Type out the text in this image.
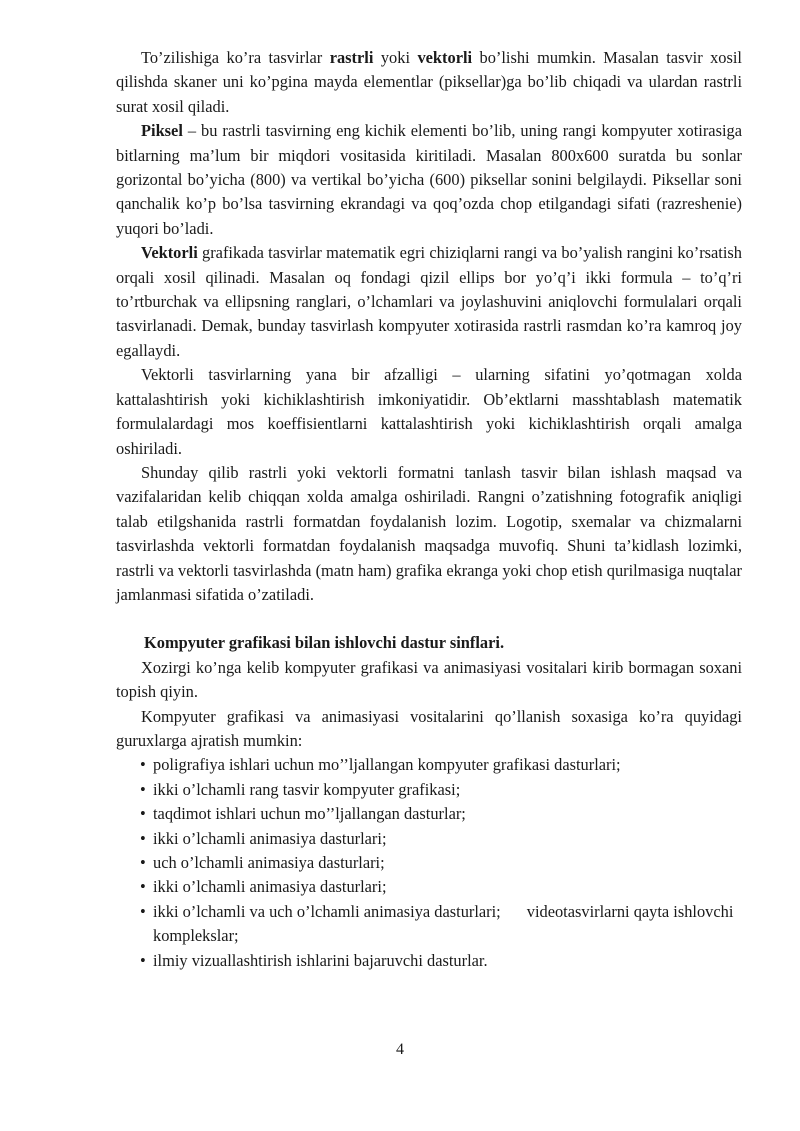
To’zilishiga ko’ra tasvirlar rastrli yoki vektorli bo’lishi mumkin. Masalan tasvir xosil qilishda skaner uni ko’pgina mayda elementlar (piksellar)ga bo’lib chiqadi va ulardan rastrli surat xosil qiladi.

Piksel – bu rastrli tasvirning eng kichik elementi bo’lib, uning rangi kompyuter xotirasiga bitlarning ma’lum bir miqdori vositasida kiritiladi. Masalan 800x600 suratda bu sonlar gorizontal bo’yicha (800) va vertikal bo’yicha (600) piksellar sonini belgilaydi. Piksellar soni qanchalik ko’p bo’lsa tasvirning ekrandagi va qoq’ozda chop etilgandagi sifati (razreshenie) yuqori bo’ladi.

Vektorli grafikada tasvirlar matematik egri chiziqlarni rangi va bo’yalish rangini ko’rsatish orqali xosil qilinadi. Masalan oq fondagi qizil ellips bor yo’q’i ikki formula – to’q’ri to’rtburchak va ellipsning ranglari, o’lchamlari va joylashuvini aniqlovchi formulalari orqali tasvirlanadi. Demak, bunday tasvirlash kompyuter xotirasida rastrli rasmdan ko’ra kamroq joy egallaydi.

Vektorli tasvirlarning yana bir afzalligi – ularning sifatini yo’qotmagan xolda kattalashtirish yoki kichiklashtirish imkoniyatidir. Ob’ektlarni masshtablash matematik formulalardagi mos koeffisientlarni kattalashtirish yoki kichiklashtirish orqali amalga oshiriladi.

Shunday qilib rastrli yoki vektorli formatni tanlash tasvir bilan ishlash maqsad va vazifalaridan kelib chiqqan xolda amalga oshiriladi. Rangni o’zatishning fotografik aniqligi talab etilgshanida rastrli formatdan foydalanish lozim. Logotip, sxemalar va chizmalarni tasvirlashda vektorli formatdan foydalanish maqsadga muvofiq. Shuni ta’kidlash lozimki, rastrli va vektorli tasvirlashda (matn ham) grafika ekranga yoki chop etish qurilmasiga nuqtalar jamlanmasi sifatida o’zatiladi.

Kompyuter grafikasi bilan ishlovchi dastur sinflari.

Xozirgi ko’nga kelib kompyuter grafikasi va animasiyasi vositalari kirib bormagan soxani topish qiyin.

Kompyuter grafikasi va animasiyasi vositalarini qo’llanish soxasiga ko’ra quyidagi guruxlarga ajratish mumkin:

• poligrafiya ishlari uchun mo’’ljallangan kompyuter grafikasi dasturlari;
• ikki o’lchamli rang tasvir kompyuter grafikasi;
• taqdimot ishlari uchun mo’’ljallangan dasturlar;
• ikki o’lchamli animasiya dasturlari;
• uch o’lchamli animasiya dasturlari;
• ikki o’lchamli animasiya dasturlari;
• ikki o’lchamli va uch o’lchamli animasiya dasturlari; videotasvirlarni qayta ishlovchi komplekslar;
• ilmiy vizuallashtirish ishlarini bajaruvchi dasturlar.
4
